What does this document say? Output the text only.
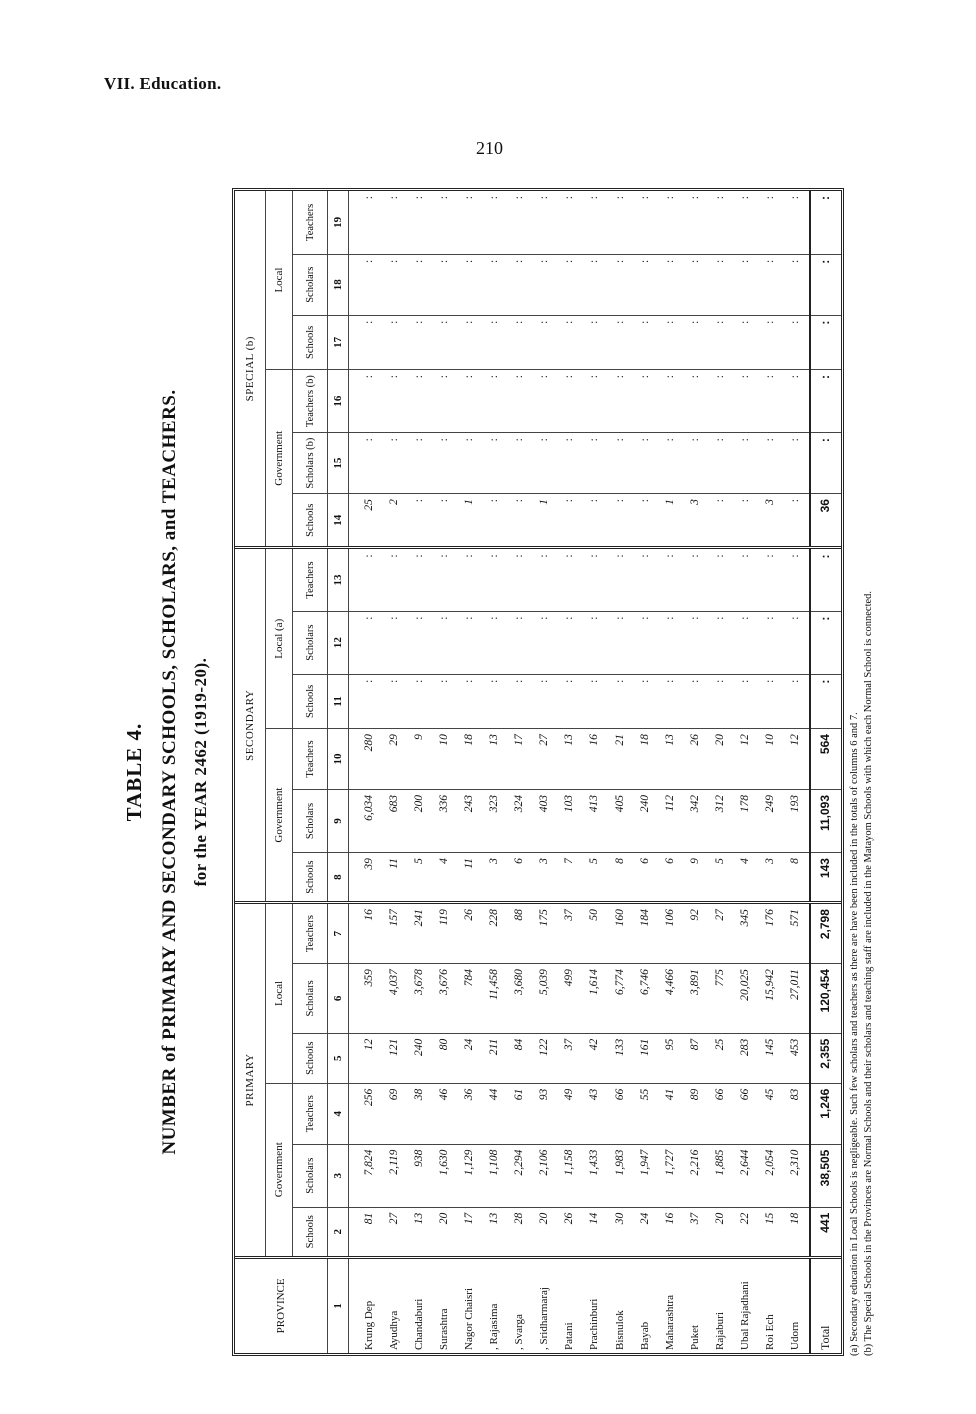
VII. Education.
210
TABLE 4. NUMBER of PRIMARY AND SECONDARY SCHOOLS, SCHOLARS, and TEACHERS. for the YEAR 2462 (1919-20).
PROVINCE	PRIMARY						SECONDARY						SPECIAL (b)					
	Government			Local			Government			Local (a)			Government			Local		
	Schools	Scholars	Teachers	Schools	Scholars	Teachers	Schools	Scholars	Teachers	Schools	Scholars	Teachers	Schools	Scholars (b)	Teachers (b)	Schools	Scholars	Teachers
1	2	3	4	5	6	7	8	9	10	11	12	13	14	15	16	17	18	19

Krung Dep	81	7,824	256	12	359	16	39	6,034	280	:	:	:	25	:	:	:	:	:
Ayudhya	27	2,119	69	121	4,037	157	11	683	29	:	:	:	2	:	:	:	:	:
Chandaburi	13	938	38	240	3,678	241	5	200	9	:	:	:	:	:	:	:	:	:
Surashtra	20	1,630	46	80	3,676	119	4	336	10	:	:	:	:	:	:	:	:	:
Nagor Chaisri	17	1,129	36	24	784	26	11	243	18	:	:	:	1	:	:	:	:	:
, Rajasima	13	1,108	44	211	11,458	228	3	323	13	:	:	:	:	:	:	:	:	:
, Svarga	28	2,294	61	84	3,680	88	6	324	17	:	:	:	:	:	:	:	:	:
, Sridharmaraj	20	2,106	93	122	5,039	175	3	403	27	:	:	:	1	:	:	:	:	:
Patani	26	1,158	49	37	499	37	7	103	13	:	:	:	:	:	:	:	:	:
Prachinburi	14	1,433	43	42	1,614	50	5	413	16	:	:	:	:	:	:	:	:	:
Bisnulok	30	1,983	66	133	6,774	160	8	405	21	:	:	:	:	:	:	:	:	:
Bayab	24	1,947	55	161	6,746	184	6	240	18	:	:	:	:	:	:	:	:	:
Maharashtra	16	1,727	41	95	4,466	106	6	112	13	:	:	:	1	:	:	:	:	:
Puket	37	2,216	89	87	3,891	92	9	342	26	:	:	:	3	:	:	:	:	:
Rajaburi	20	1,885	66	25	775	27	5	312	20	:	:	:	:	:	:	:	:	:
Ubal Rajadhani	22	2,644	66	283	20,025	345	4	178	12	:	:	:	:	:	:	:	:	:
Roi Ech	15	2,054	45	145	15,942	176	3	249	10	:	:	:	3	:	:	:	:	:
Udorn	18	2,310	83	453	27,011	571	8	193	12	:	:	:	:	:	:	:	:	:
Total	441	38,505	1,246	2,355	120,454	2,798	143	11,093	564	:	:	:	36	:	:	:	:	:
(a) Secondary education in Local Schools is negligeable. Such few scholars and teachers as there are have been included in the totals of columns 6 and 7. (b) The Special Schools in the Provinces are Normal Schools and their scholars and teaching staff are included in the Matayom Schools with which each Normal School is connected.
